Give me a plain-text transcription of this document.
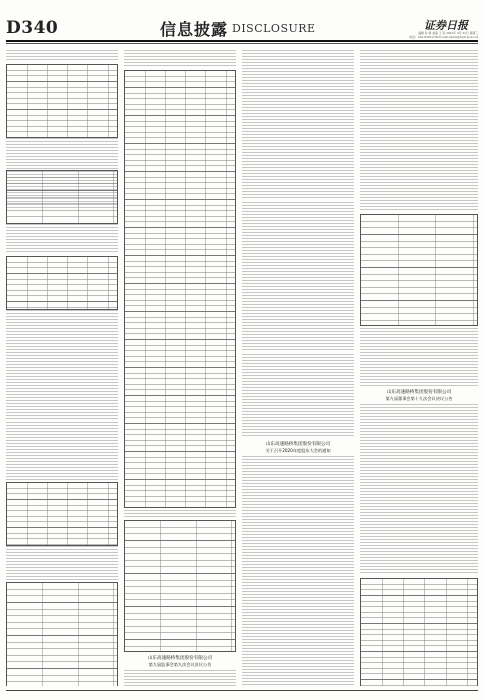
D340	信息披露 DISCLOSURE	证券日报
编辑 孙 倩 美编 王 英 2021年 4月 21日 星期三
电话：010-83251730 E-mail:zqrb9@zqrb.sina.net
山东高速路桥集团股份有限公司
第九届监事会第九次会议决议公告
山东高速路桥集团股份有限公司
关于召开2020年度股东大会的通知
山东高速路桥集团股份有限公司
第九届董事会第十九次会议决议公告
